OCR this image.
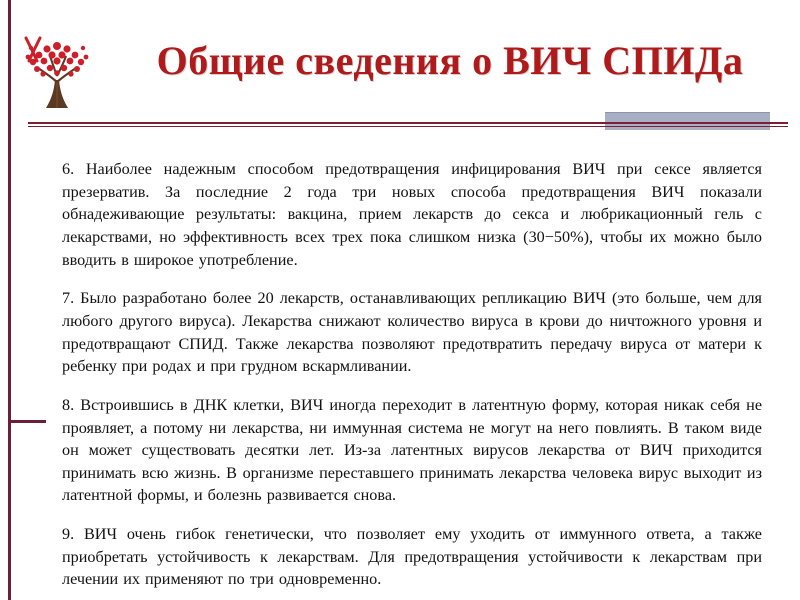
Общие сведения о ВИЧ СПИДа

6. Наиболее надежным способом предотвращения инфицирования ВИЧ при сексе является презерватив. За последние 2 года три новых способа предотвращения ВИЧ показали обнадеживающие результаты: вакцина, прием лекарств до секса и любрикационный гель с лекарствами, но эффективность всех трех пока слишком низка (30−50%), чтобы их можно было вводить в широкое употребление.

7. Было разработано более 20 лекарств, останавливающих репликацию ВИЧ (это больше, чем для любого другого вируса). Лекарства снижают количество вируса в крови до ничтожного уровня и предотвращают СПИД. Также лекарства позволяют предотвратить передачу вируса от матери к ребенку при родах и при грудном вскармливании.

8. Встроившись в ДНК клетки, ВИЧ иногда переходит в латентную форму, которая никак себя не проявляет, а потому ни лекарства, ни иммунная система не могут на него повлиять. В таком виде он может существовать десятки лет. Из-за латентных вирусов лекарства от ВИЧ приходится принимать всю жизнь. В организме переставшего принимать лекарства человека вирус выходит из латентной формы, и болезнь развивается снова.

9. ВИЧ очень гибок генетически, что позволяет ему уходить от иммунного ответа, а также приобретать устойчивость к лекарствам. Для предотвращения устойчивости к лекарствам при лечении их применяют по три одновременно.
